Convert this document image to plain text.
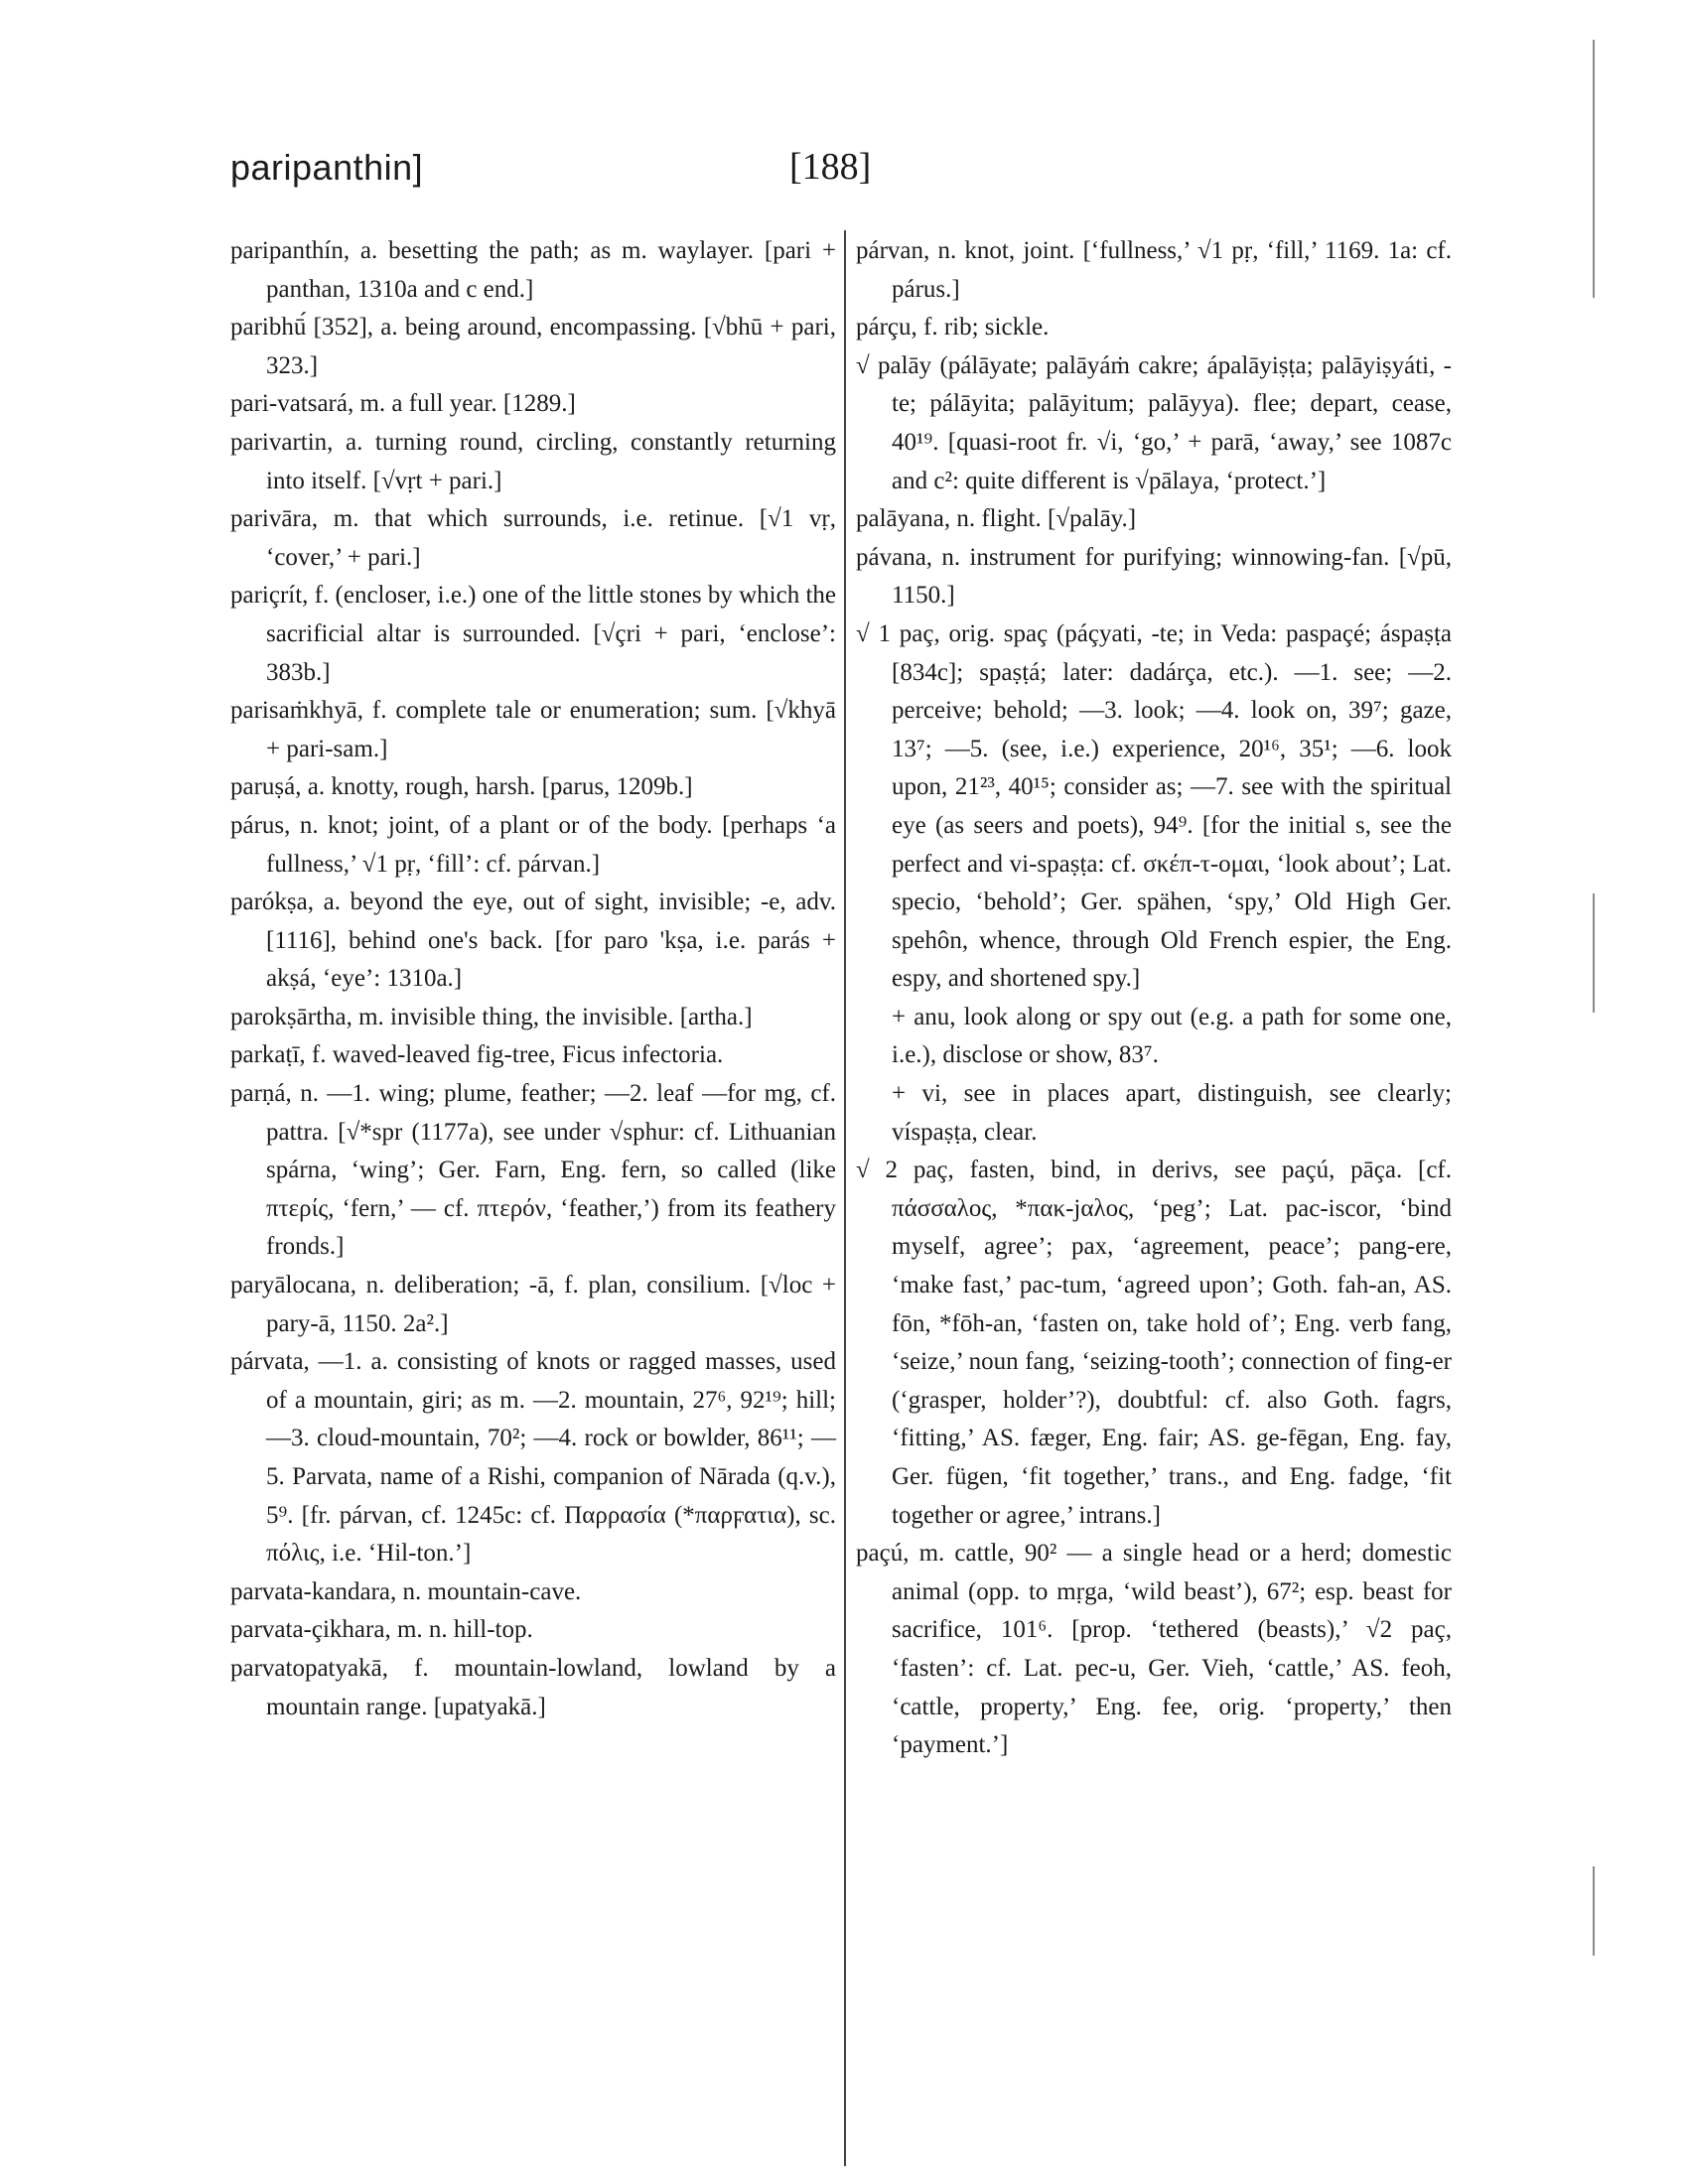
paripanthin]	[188]

paripanthín, a. besetting the path; as m. waylayer. [pari + panthan, 1310a and c end.]

paribhū́ [352], a. being around, encompassing. [√bhū + pari, 323.]

pari-vatsará, m. a full year. [1289.]

parivartin, a. turning round, circling, constantly returning into itself. [√vṛt + pari.]

parivāra, m. that which surrounds, i.e. retinue. [√1 vṛ, ‘cover,’ + pari.]

pariçrít, f. (encloser, i.e.) one of the little stones by which the sacrificial altar is surrounded. [√çri + pari, ‘enclose’: 383b.]

parisaṁkhyā, f. complete tale or enumeration; sum. [√khyā + pari-sam.]

paruṣá, a. knotty, rough, harsh. [parus, 1209b.]

párus, n. knot; joint, of a plant or of the body. [perhaps ‘a fullness,’ √1 pṛ, ‘fill’: cf. párvan.]

parókṣa, a. beyond the eye, out of sight, invisible; -e, adv. [1116], behind one's back. [for paro 'kṣa, i.e. parás + akṣá, ‘eye’: 1310a.]

parokṣārtha, m. invisible thing, the invisible. [artha.]

parkaṭī, f. waved-leaved fig-tree, Ficus infectoria.

parṇá, n. —1. wing; plume, feather; —2. leaf —for mg, cf. pattra. [√*spr (1177a), see under √sphur: cf. Lithuanian spárna, ‘wing’; Ger. Farn, Eng. fern, so called (like πτερίς, ‘fern,’ — cf. πτερόν, ‘feather,’) from its feathery fronds.]

paryālocana, n. deliberation; -ā, f. plan, consilium. [√loc + pary-ā, 1150. 2a².]

párvata, —1. a. consisting of knots or ragged masses, used of a mountain, giri; as m. —2. mountain, 27⁶, 92¹⁹; hill; —3. cloud-mountain, 70²; —4. rock or bowlder, 86¹¹; —5. Parvata, name of a Rishi, companion of Nārada (q.v.), 5⁹. [fr. párvan, cf. 1245c: cf. Παρρασία (*παρϝατια), sc. πόλις, i.e. ‘Hil-ton.’]

parvata-kandara, n. mountain-cave.

parvata-çikhara, m. n. hill-top.

parvatopatyakā, f. mountain-lowland, lowland by a mountain range. [upatyakā.]

párvan, n. knot, joint. [‘fullness,’ √1 pṛ, ‘fill,’ 1169. 1a: cf. párus.]

párçu, f. rib; sickle.

√ palāy (pálāyate; palāyáṁ cakre; ápalāyiṣṭa; palāyiṣyáti, -te; pálāyita; palāyitum; palāyya). flee; depart, cease, 40¹⁹. [quasi-root fr. √i, ‘go,’ + parā, ‘away,’ see 1087c and c²: quite different is √pālaya, ‘protect.’]

palāyana, n. flight. [√palāy.]

pávana, n. instrument for purifying; winnowing-fan. [√pū, 1150.]

√ 1 paç, orig. spaç (páçyati, -te; in Veda: paspaçé; áspaṣṭa [834c]; spaṣṭá; later: dadárça, etc.). —1. see; —2. perceive; behold; —3. look; —4. look on, 39⁷; gaze, 13⁷; —5. (see, i.e.) experience, 20¹⁶, 35¹; —6. look upon, 21²³, 40¹⁵; consider as; —7. see with the spiritual eye (as seers and poets), 94⁹. [for the initial s, see the perfect and vi-spaṣṭa: cf. σκέπ-τ-ομαι, ‘look about’; Lat. specio, ‘behold’; Ger. spähen, ‘spy,’ Old High Ger. spehôn, whence, through Old French espier, the Eng. espy, and shortened spy.]

+ anu, look along or spy out (e.g. a path for some one, i.e.), disclose or show, 83⁷.

+ vi, see in places apart, distinguish, see clearly; víspaṣṭa, clear.

√ 2 paç, fasten, bind, in derivs, see paçú, pāça. [cf. πάσσαλος, *πακ-jαλος, ‘peg’; Lat. pac-iscor, ‘bind myself, agree’; pax, ‘agreement, peace’; pang-ere, ‘make fast,’ pac-tum, ‘agreed upon’; Goth. fah-an, AS. fōn, *fōh-an, ‘fasten on, take hold of’; Eng. verb fang, ‘seize,’ noun fang, ‘seizing-tooth’; connection of fing-er (‘grasper, holder’?), doubtful: cf. also Goth. fagrs, ‘fitting,’ AS. fæger, Eng. fair; AS. ge-fēgan, Eng. fay, Ger. fügen, ‘fit together,’ trans., and Eng. fadge, ‘fit together or agree,’ intrans.]

paçú, m. cattle, 90² — a single head or a herd; domestic animal (opp. to mṛga, ‘wild beast’), 67²; esp. beast for sacrifice, 101⁶. [prop. ‘tethered (beasts),’ √2 paç, ‘fasten’: cf. Lat. pec-u, Ger. Vieh, ‘cattle,’ AS. feoh, ‘cattle, property,’ Eng. fee, orig. ‘property,’ then ‘payment.’]
